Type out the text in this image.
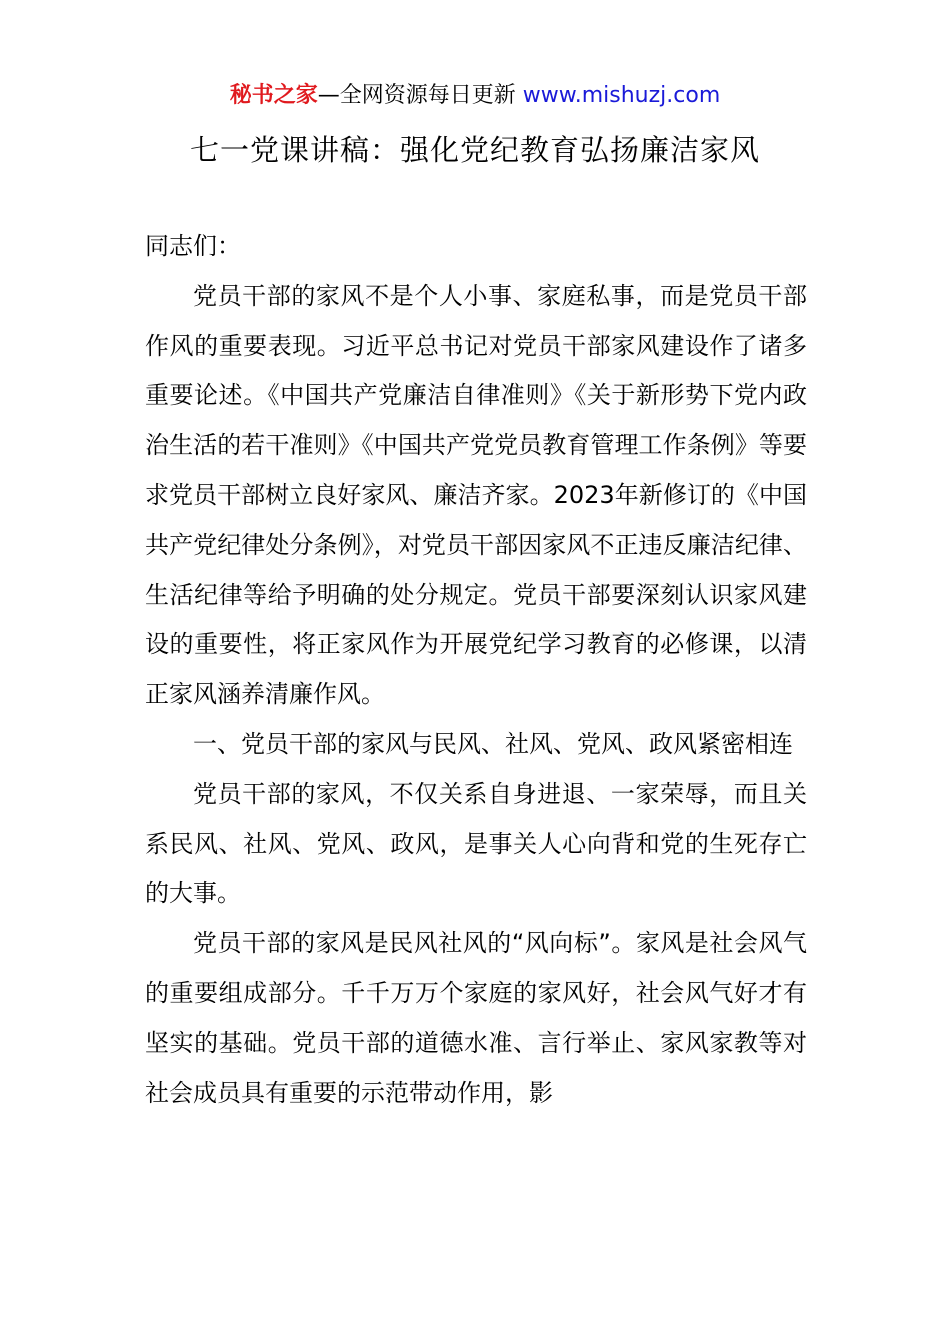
秘书之家—全网资源每日更新 www.mishuzj.com
七一党课讲稿：强化党纪教育弘扬廉洁家风

同志们：

党员干部的家风不是个人小事、家庭私事，而是党员干部作风的重要表现。习近平总书记对党员干部家风建设作了诸多重要论述。《中国共产党廉洁自律准则》《关于新形势下党内政治生活的若干准则》《中国共产党党员教育管理工作条例》等要求党员干部树立良好家风、廉洁齐家。2023年新修订的《中国共产党纪律处分条例》，对党员干部因家风不正违反廉洁纪律、生活纪律等给予明确的处分规定。党员干部要深刻认识家风建设的重要性，将正家风作为开展党纪学习教育的必修课，以清正家风涵养清廉作风。

一、党员干部的家风与民风、社风、党风、政风紧密相连

党员干部的家风，不仅关系自身进退、一家荣辱，而且关系民风、社风、党风、政风，是事关人心向背和党的生死存亡的大事。

党员干部的家风是民风社风的“风向标”。家风是社会风气的重要组成部分。千千万万个家庭的家风好，社会风气好才有坚实的基础。党员干部的道德水准、言行举止、家风家教等对社会成员具有重要的示范带动作用，影
